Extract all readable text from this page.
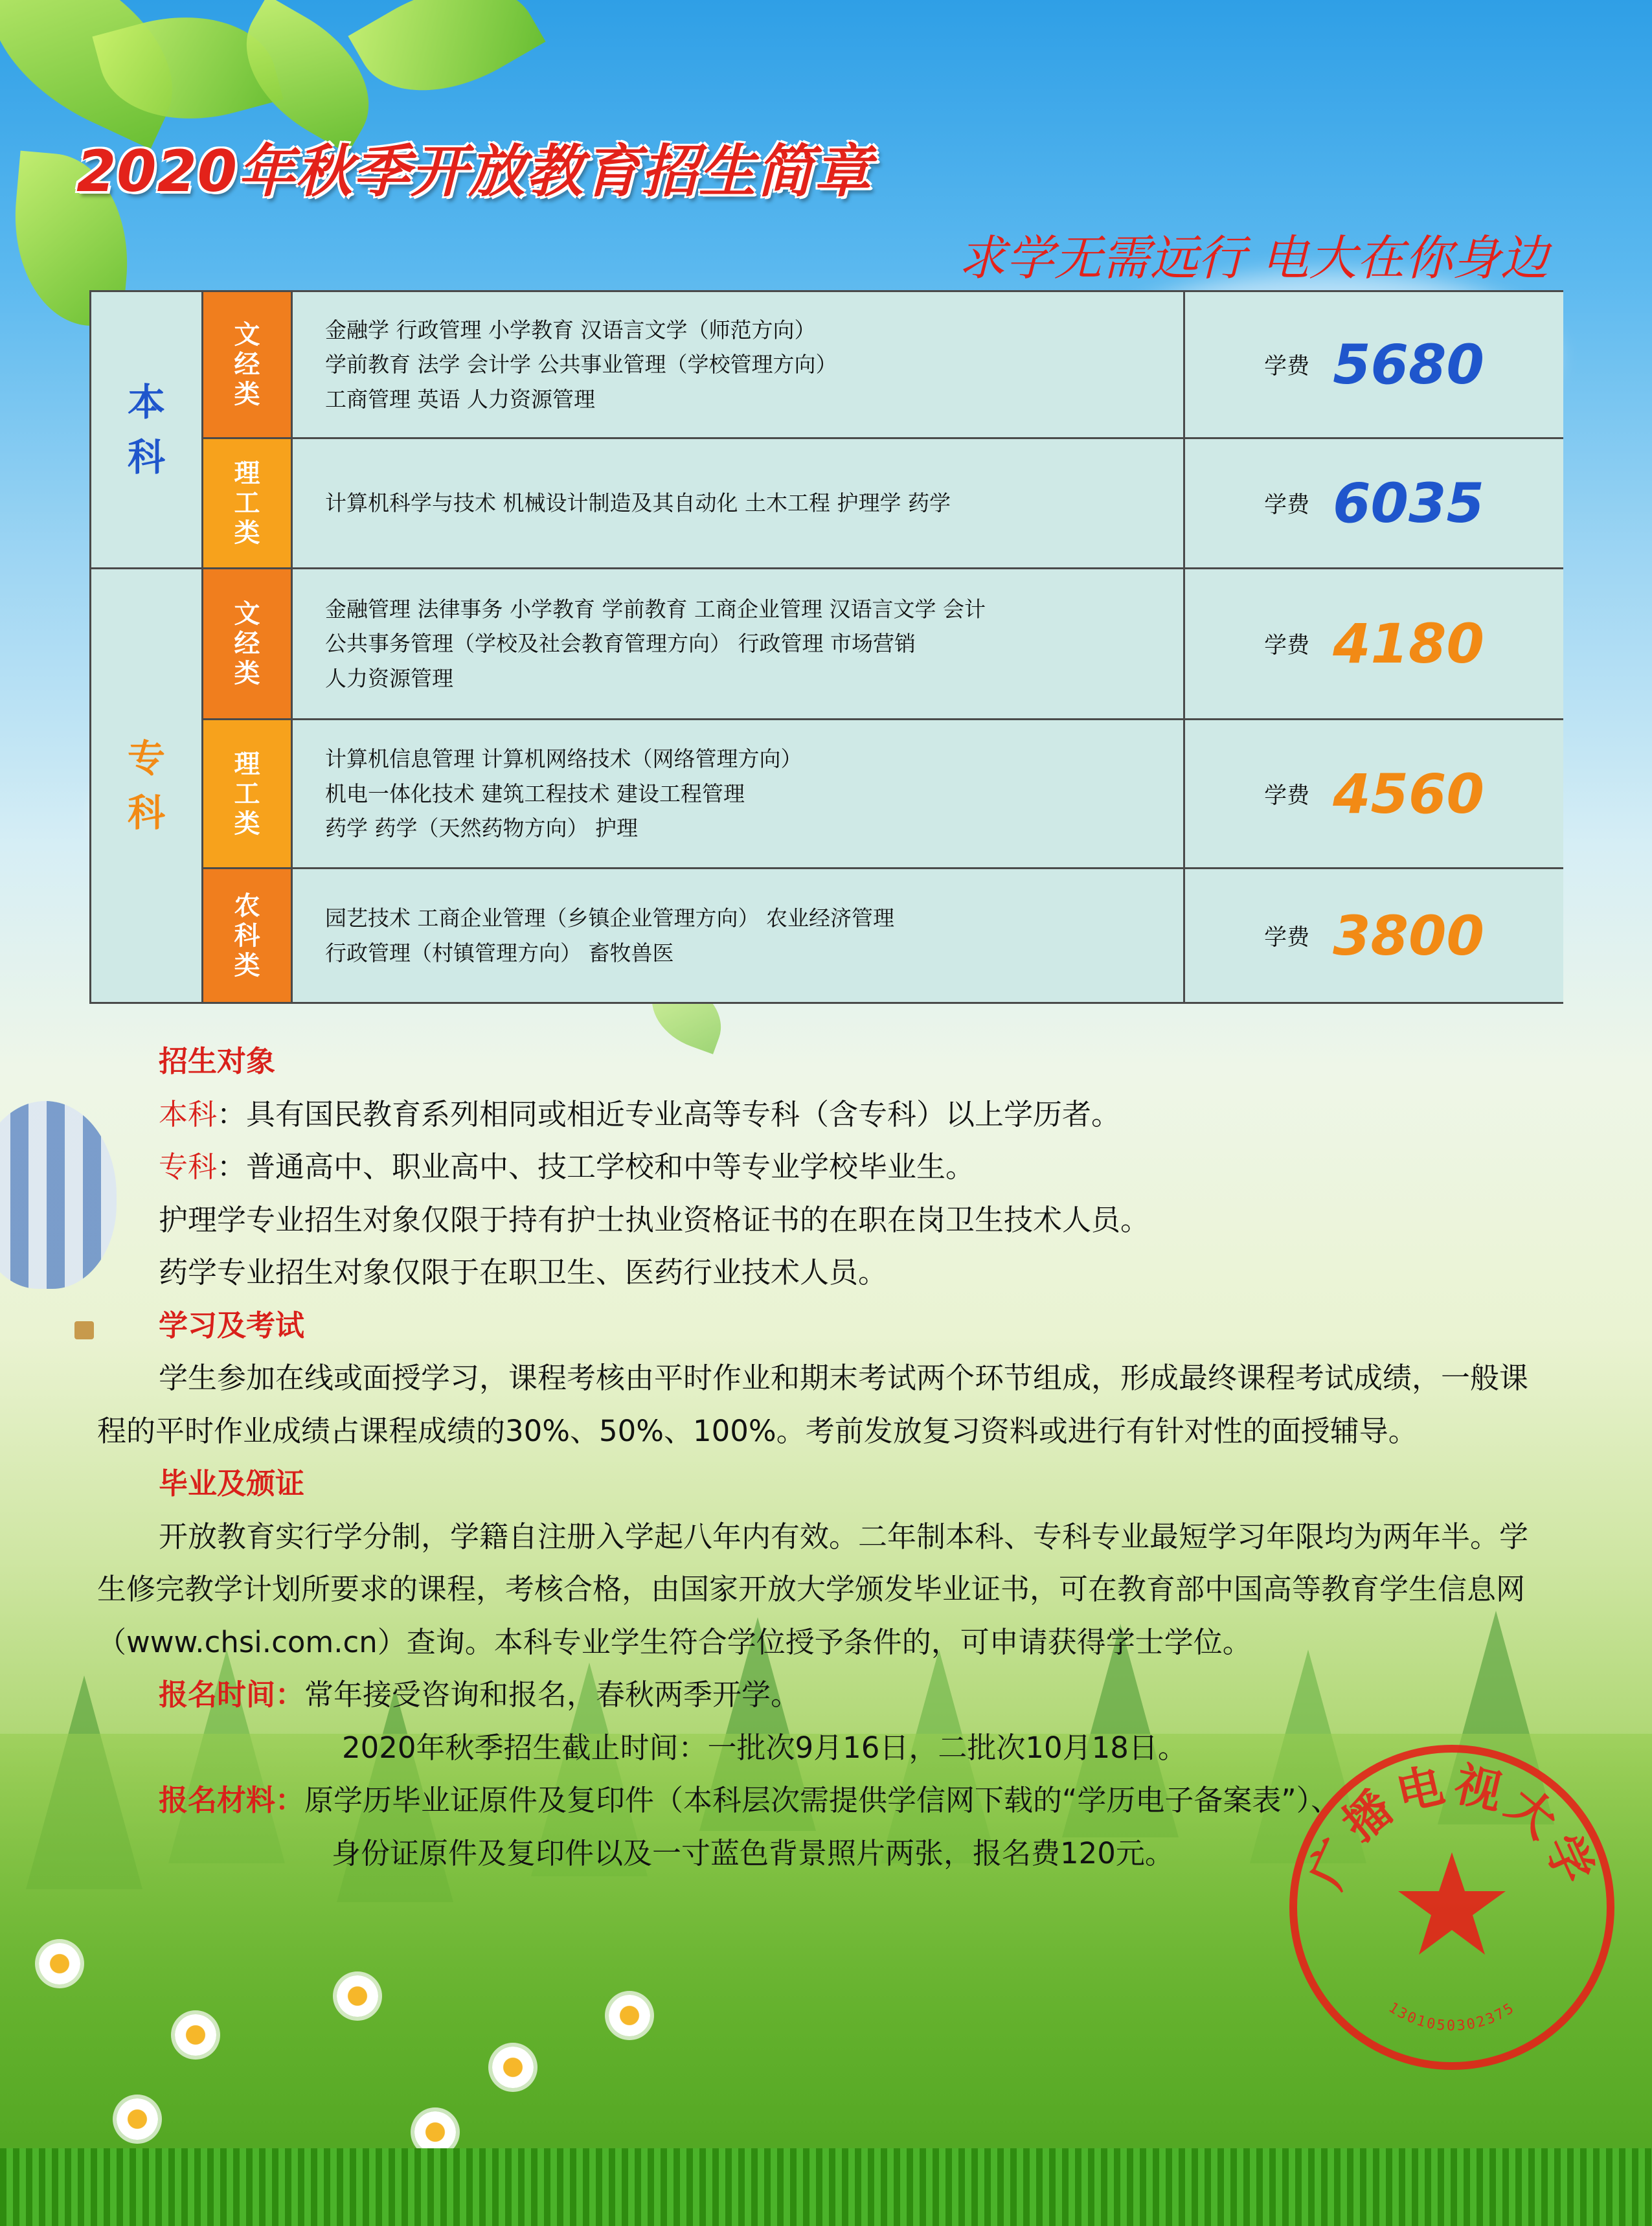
2020年秋季开放教育招生简章
求学无需远行 电大在你身边
本
科
专
科
文
经
类
金融学 行政管理 小学教育 汉语言文学（师范方向）
学前教育 法学 会计学 公共事业管理（学校管理方向）
工商管理 英语 人力资源管理
学费 5680
理
工
类
计算机科学与技术 机械设计制造及其自动化 土木工程 护理学 药学	学费 6035
文
经
类
金融管理 法律事务 小学教育 学前教育 工商企业管理 汉语言文学 会计
公共事务管理（学校及社会教育管理方向） 行政管理 市场营销
人力资源管理
学费 4180
理
工
类
计算机信息管理 计算机网络技术（网络管理方向）
机电一体化技术 建筑工程技术 建设工程管理
药学 药学（天然药物方向） 护理
学费 4560
农
科
类
园艺技术 工商企业管理（乡镇企业管理方向） 农业经济管理
行政管理（村镇管理方向） 畜牧兽医
学费 3800
招生对象
本科：具有国民教育系列相同或相近专业高等专科（含专科）以上学历者。
专科：普通高中、职业高中、技工学校和中等专业学校毕业生。
护理学专业招生对象仅限于持有护士执业资格证书的在职在岗卫生技术人员。
药学专业招生对象仅限于在职卫生、医药行业技术人员。
学习及考试
学生参加在线或面授学习，课程考核由平时作业和期末考试两个环节组成，形成最终课程考试成绩，一般课程的平时作业成绩占课程成绩的30%、50%、100%。考前发放复习资料或进行有针对性的面授辅导。
毕业及颁证
开放教育实行学分制，学籍自注册入学起八年内有效。二年制本科、专科专业最短学习年限均为两年半。学生修完教学计划所要求的课程，考核合格，由国家开放大学颁发毕业证书，可在教育部中国高等教育学生信息网（www.chsi.com.cn）查询。本科专业学生符合学位授予条件的，可申请获得学士学位。
报名时间：常年接受咨询和报名，春秋两季开学。
2020年秋季招生截止时间：一批次9月16日，二批次10月18日。
报名材料：原学历毕业证原件及复印件（本科层次需提供学信网下载的“学历电子备案表”）、
身份证原件及复印件以及一寸蓝色背景照片两张，报名费120元。	广播电视大学
1301050302375
